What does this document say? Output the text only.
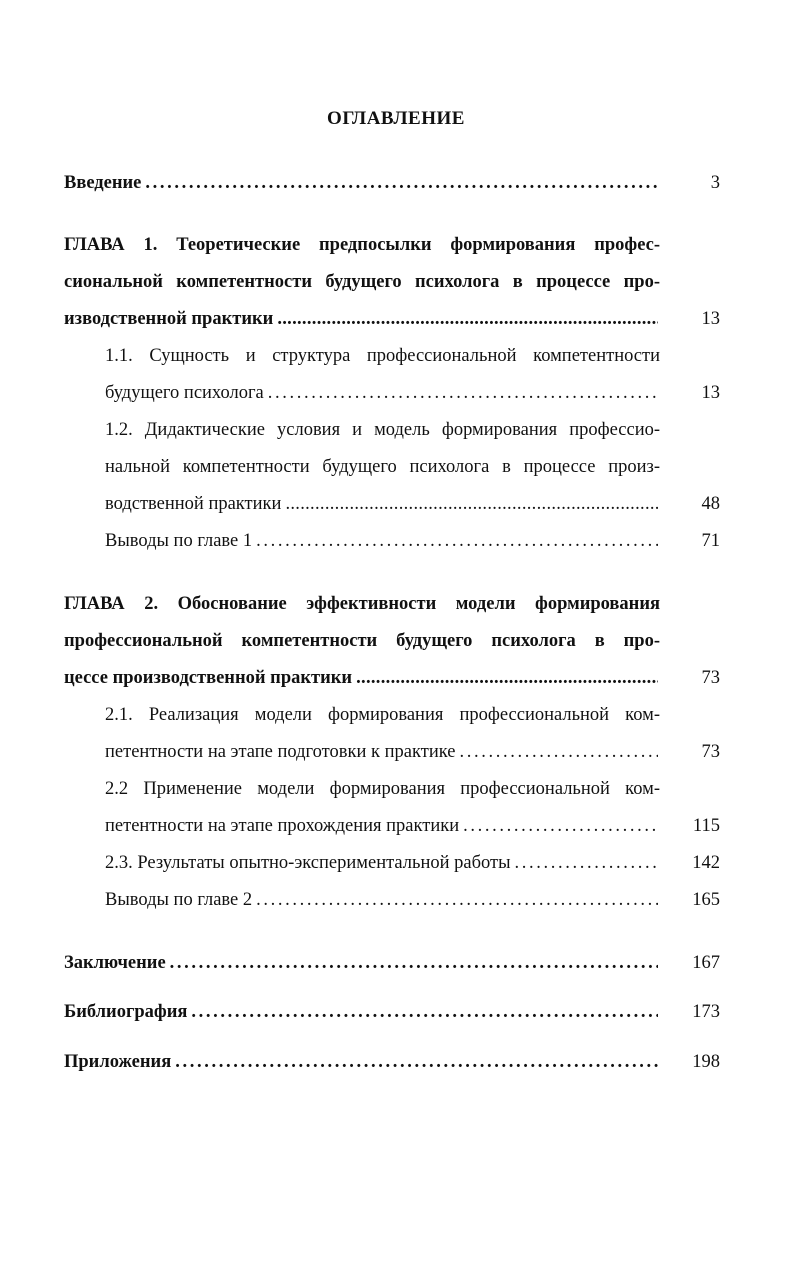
ОГЛАВЛЕНИЕ
Введение . . .	3
ГЛАВА 1. Теоретические предпосылки формирования профес-
сиональной компетентности будущего психолога в процессе про-
изводственной практики .....	13
1.1. Сущность и структура профессиональной компетентности
будущего психолога . . .	13
1.2. Дидактические условия и модель формирования профессио-
нальной компетентности будущего психолога в процессе произ-
водственной практики .....	48
Выводы по главе 1 . . .	71
ГЛАВА 2. Обоснование эффективности модели формирования
профессиональной компетентности будущего психолога в про-
цессе производственной практики .....	73
2.1. Реализация модели формирования профессиональной ком-
петентности на этапе подготовки к практике . . .	73
2.2 Применение модели формирования профессиональной ком-
петентности на этапе прохождения практики . . .	115
2.3. Результаты опытно-экспериментальной работы . . .	142
Выводы по главе 2 . . .	165
Заключение . . .	167
Библиография . . .	173
Приложения . . .	198
